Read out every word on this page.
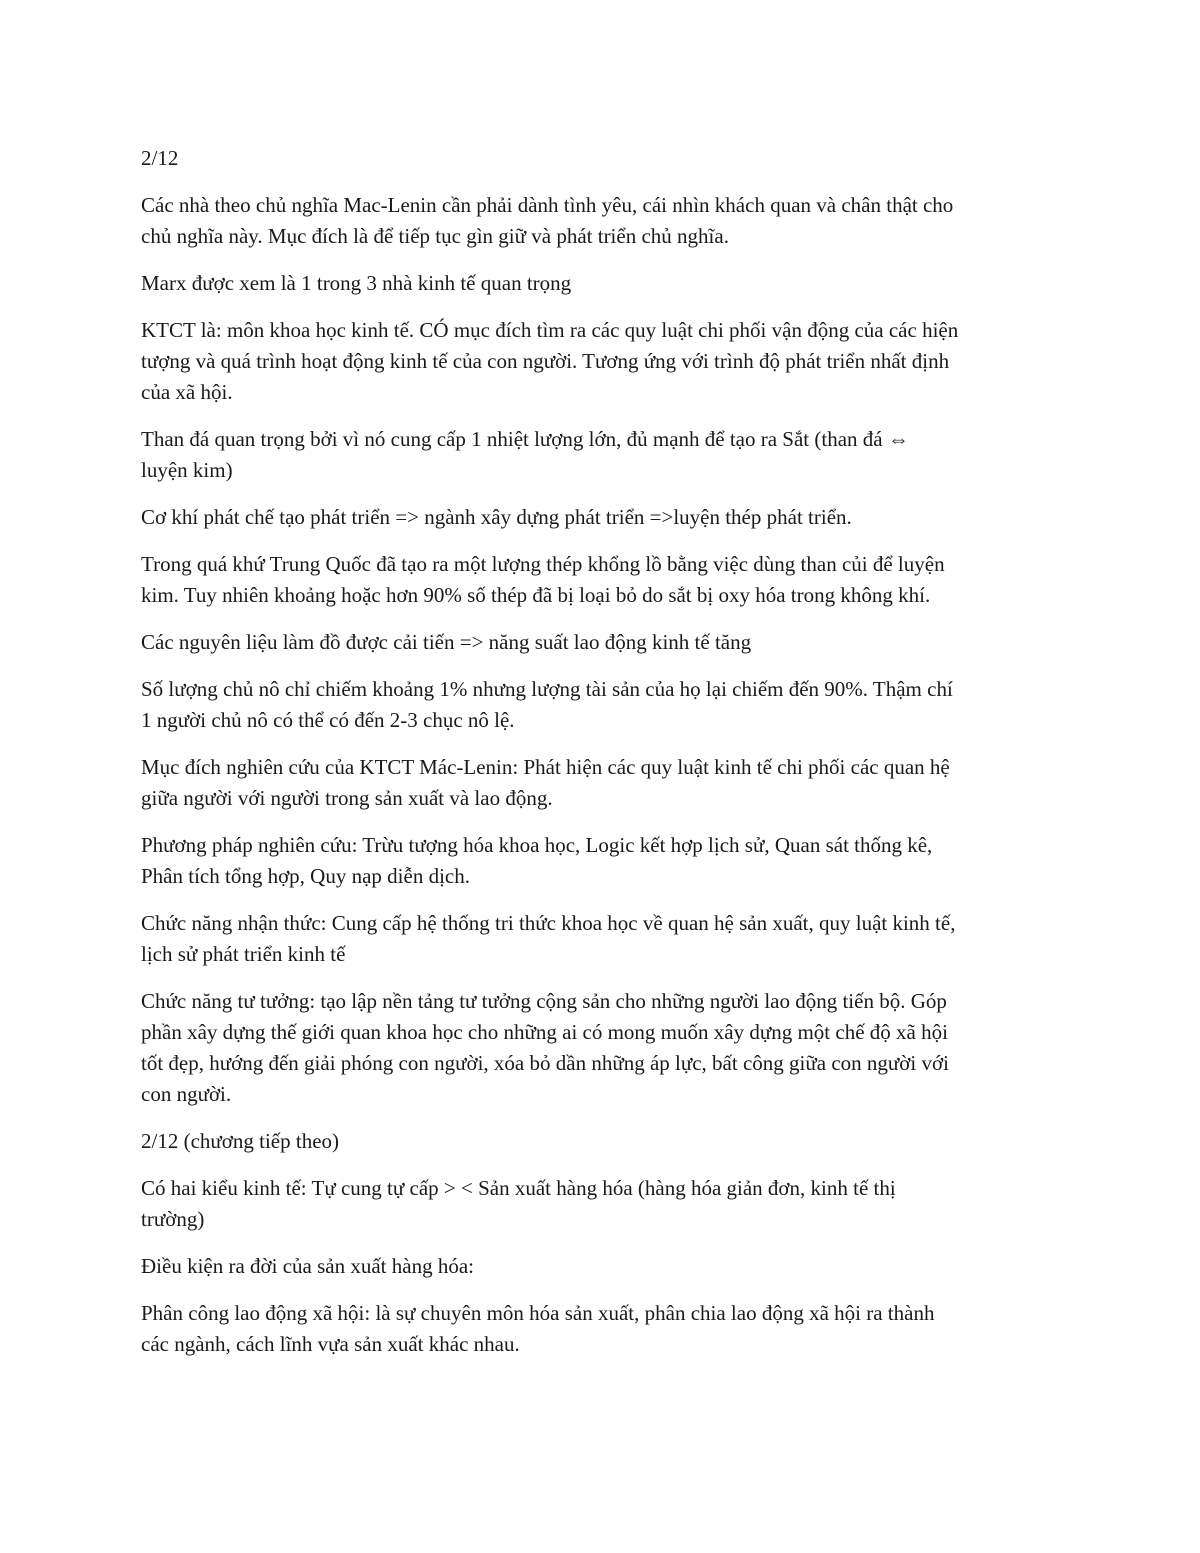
2/12

Các nhà theo chủ nghĩa Mac-Lenin cần phải dành tình yêu, cái nhìn khách quan và chân thật cho
chủ nghĩa này. Mục đích là để tiếp tục gìn giữ và phát triển chủ nghĩa.

Marx được xem là 1 trong 3 nhà kinh tế quan trọng

KTCT là: môn khoa học kinh tế. CÓ mục đích tìm ra các quy luật chi phối vận động của các hiện
tượng và quá trình hoạt động kinh tế của con người. Tương ứng với trình độ phát triển nhất định
của xã hội.

Than đá quan trọng bởi vì nó cung cấp 1 nhiệt lượng lớn, đủ mạnh để tạo ra Sắt (than đá ⇔
luyện kim)

Cơ khí phát chế tạo phát triển => ngành xây dựng phát triển =>luyện thép phát triển.

Trong quá khứ Trung Quốc đã tạo ra một lượng thép khổng lồ bằng việc dùng than củi để luyện
kim. Tuy nhiên khoảng hoặc hơn 90% số thép đã bị loại bỏ do sắt bị oxy hóa trong không khí.

Các nguyên liệu làm đồ được cải tiến => năng suất lao động kinh tế tăng

Số lượng chủ nô chỉ chiếm khoảng 1% nhưng lượng tài sản của họ lại chiếm đến 90%. Thậm chí
1 người chủ nô có thể có đến 2-3 chục nô lệ.

Mục đích nghiên cứu của KTCT Mác-Lenin: Phát hiện các quy luật kinh tế chi phối các quan hệ
giữa người với người trong sản xuất và lao động.

Phương pháp nghiên cứu: Trừu tượng hóa khoa học, Logic kết hợp lịch sử, Quan sát thống kê,
Phân tích tổng hợp, Quy nạp diễn dịch.

Chức năng nhận thức: Cung cấp hệ thống tri thức khoa học về quan hệ sản xuất, quy luật kinh tế,
lịch sử phát triển kinh tế

Chức năng tư tưởng: tạo lập nền tảng tư tưởng cộng sản cho những người lao động tiến bộ. Góp
phần xây dựng thế giới quan khoa học cho những ai có mong muốn xây dựng một chế độ xã hội
tốt đẹp, hướng đến giải phóng con người, xóa bỏ dần những áp lực, bất công giữa con người với
con người.

2/12 (chương tiếp theo)

Có hai kiểu kinh tế: Tự cung tự cấp > < Sản xuất hàng hóa (hàng hóa giản đơn, kinh tế thị
trường)

Điều kiện ra đời của sản xuất hàng hóa:

Phân công lao động xã hội: là sự chuyên môn hóa sản xuất, phân chia lao động xã hội ra thành
các ngành, cách lĩnh vựa sản xuất khác nhau.
